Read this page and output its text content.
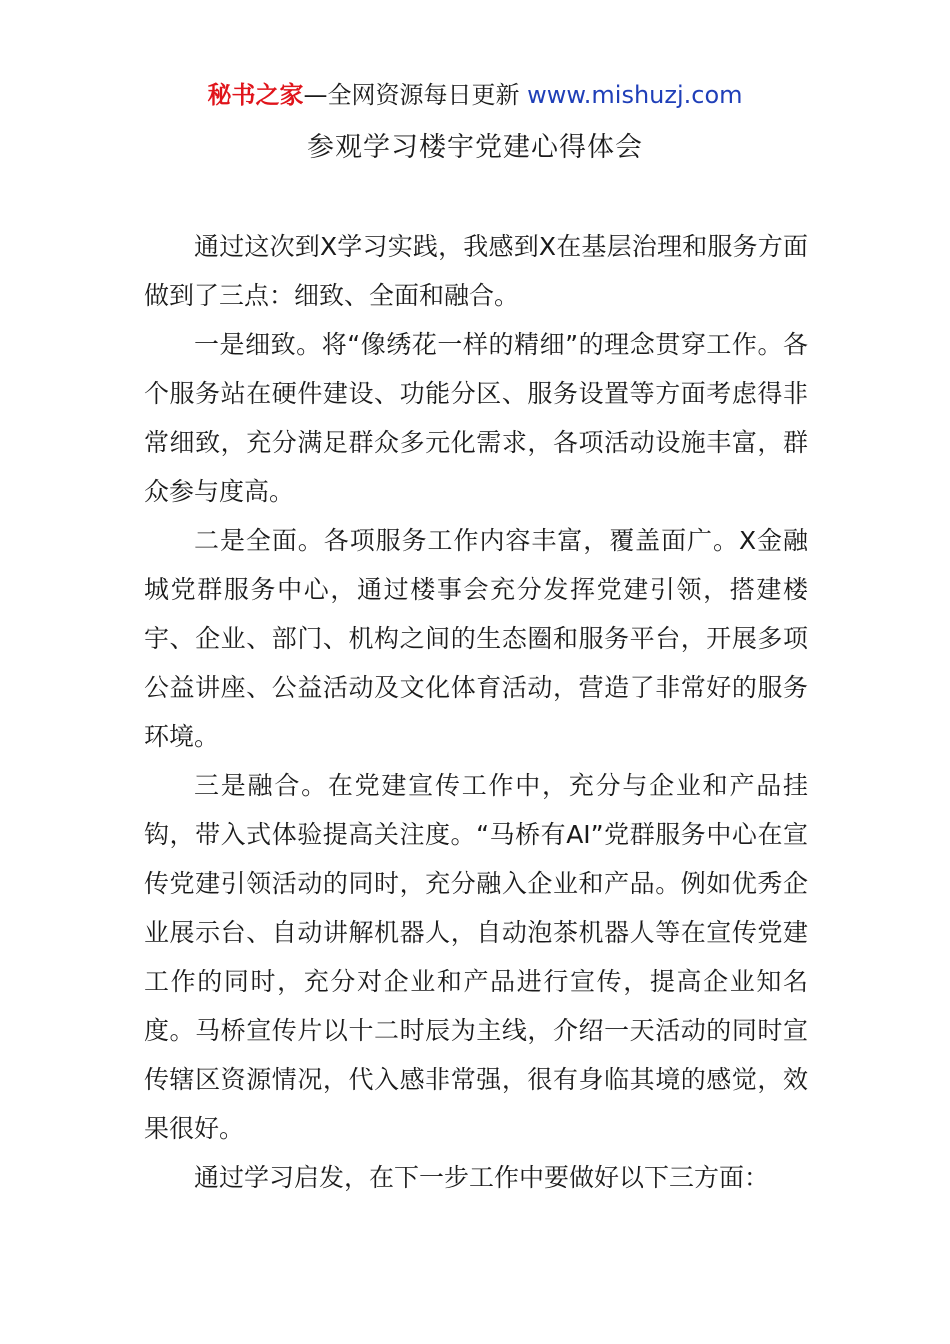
秘书之家—全网资源每日更新 www.mishuzj.com
参观学习楼宇党建心得体会

通过这次到X学习实践，我感到X在基层治理和服务方面做到了三点：细致、全面和融合。

一是细致。将“像绣花一样的精细”的理念贯穿工作。各个服务站在硬件建设、功能分区、服务设置等方面考虑得非常细致，充分满足群众多元化需求，各项活动设施丰富，群众参与度高。

二是全面。各项服务工作内容丰富，覆盖面广。X金融城党群服务中心，通过楼事会充分发挥党建引领，搭建楼宇、企业、部门、机构之间的生态圈和服务平台，开展多项公益讲座、公益活动及文化体育活动，营造了非常好的服务环境。

三是融合。在党建宣传工作中，充分与企业和产品挂钩，带入式体验提高关注度。“马桥有AI”党群服务中心在宣传党建引领活动的同时，充分融入企业和产品。例如优秀企业展示台、自动讲解机器人，自动泡茶机器人等在宣传党建工作的同时，充分对企业和产品进行宣传，提高企业知名度。马桥宣传片以十二时辰为主线，介绍一天活动的同时宣传辖区资源情况，代入感非常强，很有身临其境的感觉，效果很好。

通过学习启发，在下一步工作中要做好以下三方面：
